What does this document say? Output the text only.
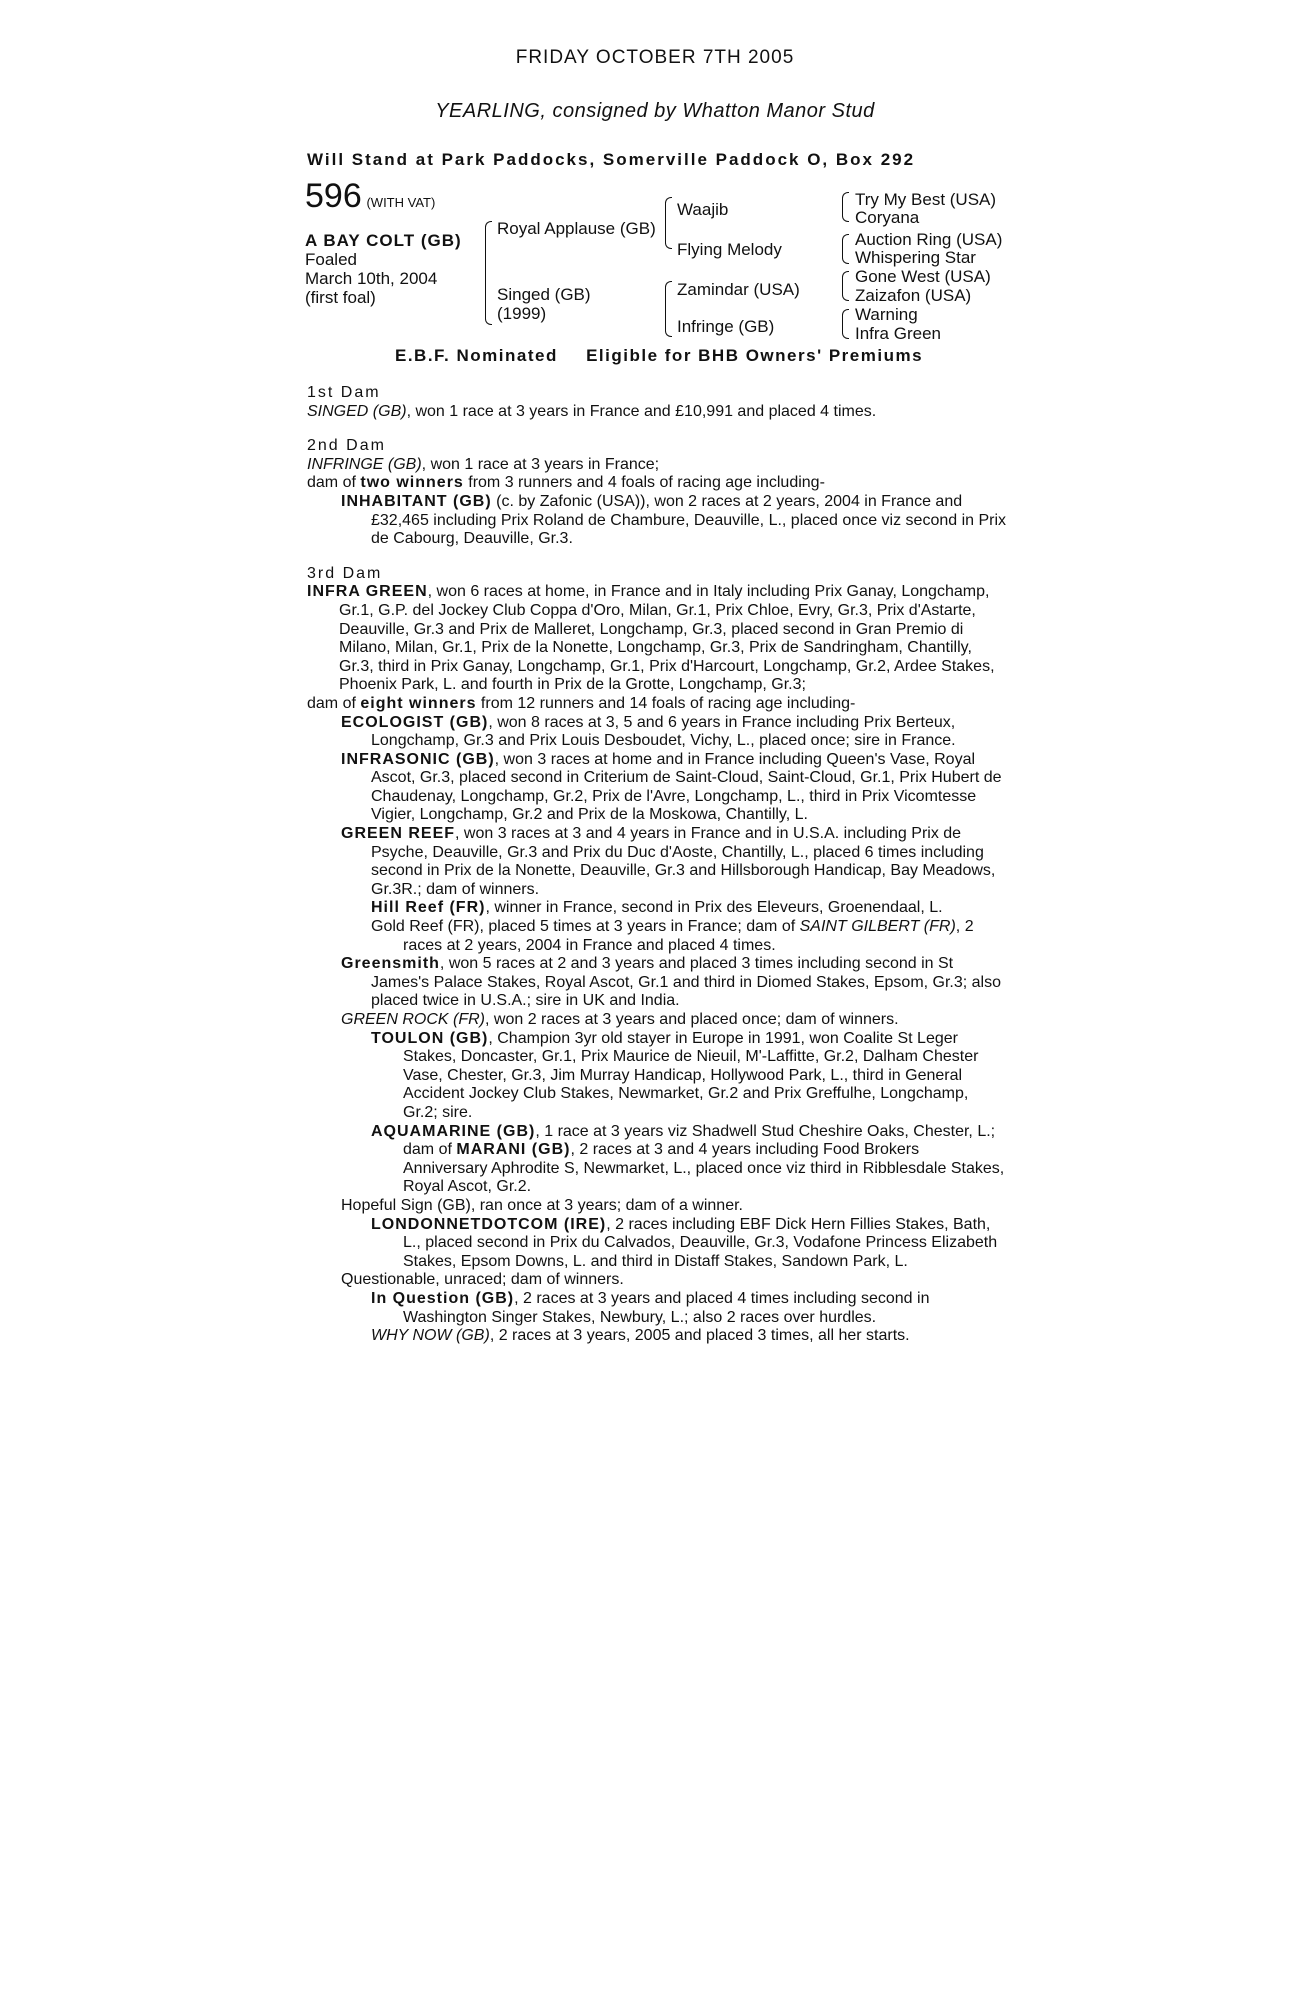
FRIDAY OCTOBER 7TH 2005
YEARLING, consigned by Whatton Manor Stud
Will Stand at Park Paddocks, Somerville Paddock O, Box 292
596 (WITH VAT)
A BAY COLT (GB)
Foaled
March 10th, 2004
(first foal)
Royal Applause (GB)
Singed (GB)
(1999)
Waajib
Flying Melody
Zamindar (USA)
Infringe (GB)
Try My Best (USA)
Coryana
Auction Ring (USA)
Whispering Star
Gone West (USA)
Zaizafon (USA)
Warning
Infra Green
E.B.F. Nominated Eligible for BHB Owners' Premiums

1st Dam

SINGED (GB), won 1 race at 3 years in France and £10,991 and placed 4 times.

2nd Dam

INFRINGE (GB), won 1 race at 3 years in France;

dam of two winners from 3 runners and 4 foals of racing age including-

INHABITANT (GB) (c. by Zafonic (USA)), won 2 races at 2 years, 2004 in France and £32,465 including Prix Roland de Chambure, Deauville, L., placed once viz second in Prix de Cabourg, Deauville, Gr.3.

3rd Dam

INFRA GREEN, won 6 races at home, in France and in Italy including Prix Ganay, Longchamp, Gr.1, G.P. del Jockey Club Coppa d'Oro, Milan, Gr.1, Prix Chloe, Evry, Gr.3, Prix d'Astarte, Deauville, Gr.3 and Prix de Malleret, Longchamp, Gr.3, placed second in Gran Premio di Milano, Milan, Gr.1, Prix de la Nonette, Longchamp, Gr.3, Prix de Sandringham, Chantilly, Gr.3, third in Prix Ganay, Longchamp, Gr.1, Prix d'Harcourt, Longchamp, Gr.2, Ardee Stakes, Phoenix Park, L. and fourth in Prix de la Grotte, Longchamp, Gr.3;

dam of eight winners from 12 runners and 14 foals of racing age including-

ECOLOGIST (GB), won 8 races at 3, 5 and 6 years in France including Prix Berteux, Longchamp, Gr.3 and Prix Louis Desboudet, Vichy, L., placed once; sire in France.

INFRASONIC (GB), won 3 races at home and in France including Queen's Vase, Royal Ascot, Gr.3, placed second in Criterium de Saint-Cloud, Saint-Cloud, Gr.1, Prix Hubert de Chaudenay, Longchamp, Gr.2, Prix de l'Avre, Longchamp, L., third in Prix Vicomtesse Vigier, Longchamp, Gr.2 and Prix de la Moskowa, Chantilly, L.

GREEN REEF, won 3 races at 3 and 4 years in France and in U.S.A. including Prix de Psyche, Deauville, Gr.3 and Prix du Duc d'Aoste, Chantilly, L., placed 6 times including second in Prix de la Nonette, Deauville, Gr.3 and Hillsborough Handicap, Bay Meadows, Gr.3R.; dam of winners.

Hill Reef (FR), winner in France, second in Prix des Eleveurs, Groenendaal, L.

Gold Reef (FR), placed 5 times at 3 years in France; dam of SAINT GILBERT (FR), 2 races at 2 years, 2004 in France and placed 4 times.

Greensmith, won 5 races at 2 and 3 years and placed 3 times including second in St James's Palace Stakes, Royal Ascot, Gr.1 and third in Diomed Stakes, Epsom, Gr.3; also placed twice in U.S.A.; sire in UK and India.

GREEN ROCK (FR), won 2 races at 3 years and placed once; dam of winners.

TOULON (GB), Champion 3yr old stayer in Europe in 1991, won Coalite St Leger Stakes, Doncaster, Gr.1, Prix Maurice de Nieuil, M'-Laffitte, Gr.2, Dalham Chester Vase, Chester, Gr.3, Jim Murray Handicap, Hollywood Park, L., third in General Accident Jockey Club Stakes, Newmarket, Gr.2 and Prix Greffulhe, Longchamp, Gr.2; sire.

AQUAMARINE (GB), 1 race at 3 years viz Shadwell Stud Cheshire Oaks, Chester, L.; dam of MARANI (GB), 2 races at 3 and 4 years including Food Brokers Anniversary Aphrodite S, Newmarket, L., placed once viz third in Ribblesdale Stakes, Royal Ascot, Gr.2.

Hopeful Sign (GB), ran once at 3 years; dam of a winner.

LONDONNETDOTCOM (IRE), 2 races including EBF Dick Hern Fillies Stakes, Bath, L., placed second in Prix du Calvados, Deauville, Gr.3, Vodafone Princess Elizabeth Stakes, Epsom Downs, L. and third in Distaff Stakes, Sandown Park, L.

Questionable, unraced; dam of winners.

In Question (GB), 2 races at 3 years and placed 4 times including second in Washington Singer Stakes, Newbury, L.; also 2 races over hurdles.

WHY NOW (GB), 2 races at 3 years, 2005 and placed 3 times, all her starts.
